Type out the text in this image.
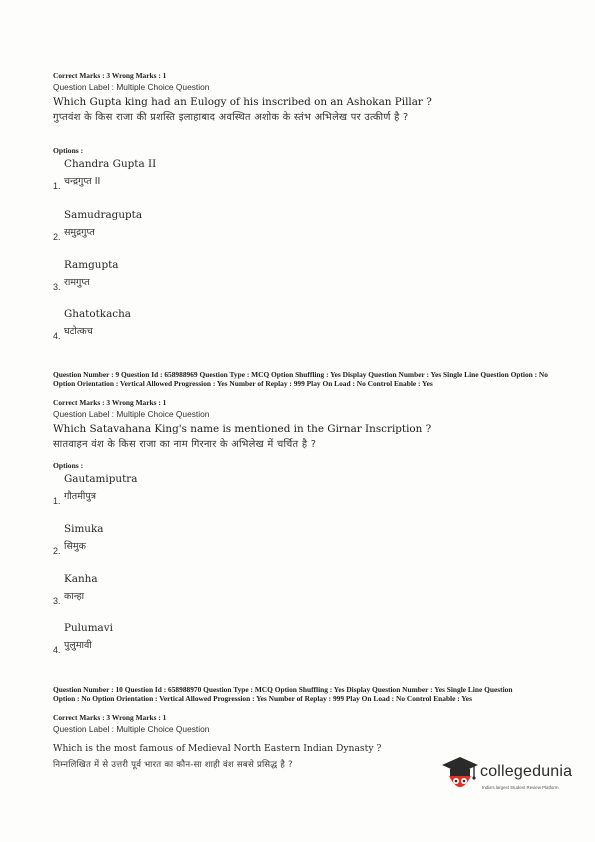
Correct Marks : 3 Wrong Marks : 1
Question Label : Multiple Choice Question
Which Gupta king had an Eulogy of his inscribed on an Ashokan Pillar ?
गुप्तवंश के किस राजा की प्रशस्ति इलाहाबाद अवस्थित अशोक के स्तंभ अभिलेख पर उत्कीर्ण है ?
Options :
Chandra Gupta II
चन्द्रगुप्त II
1.
Samudragupta
समुद्रगुप्त
2.
Ramgupta
रामगुप्त
3.
Ghatotkacha
घटोत्कच
4.
Question Number : 9 Question Id : 658988969 Question Type : MCQ Option Shuffling : Yes Display Question Number : Yes Single Line Question Option : No Option Orientation : Vertical Allowed Progression : Yes Number of Replay : 999 Play On Load : No Control Enable : Yes
Correct Marks : 3 Wrong Marks : 1
Question Label : Multiple Choice Question
Which Satavahana King's name is mentioned in the Girnar Inscription ?
सातवाहन वंश के किस राजा का नाम गिरनार के अभिलेख में चर्चित है ?
Options :
Gautamiputra
गौतमीपुत्र
1.
Simuka
सिमुक
2.
Kanha
कान्हा
3.
Pulumavi
पुलुमावी
4.
Question Number : 10 Question Id : 658988970 Question Type : MCQ Option Shuffling : Yes Display Question Number : Yes Single Line Question Option : No Option Orientation : Vertical Allowed Progression : Yes Number of Replay : 999 Play On Load : No Control Enable : Yes
Correct Marks : 3 Wrong Marks : 1
Question Label : Multiple Choice Question
Which is the most famous of Medieval North Eastern Indian Dynasty ?
निम्नलिखित में से उत्तरी पूर्व भारत का कौन-सा शाही वंश सबसे प्रसिद्ध है ?	collegedunia
India's largest Student Review Platform
